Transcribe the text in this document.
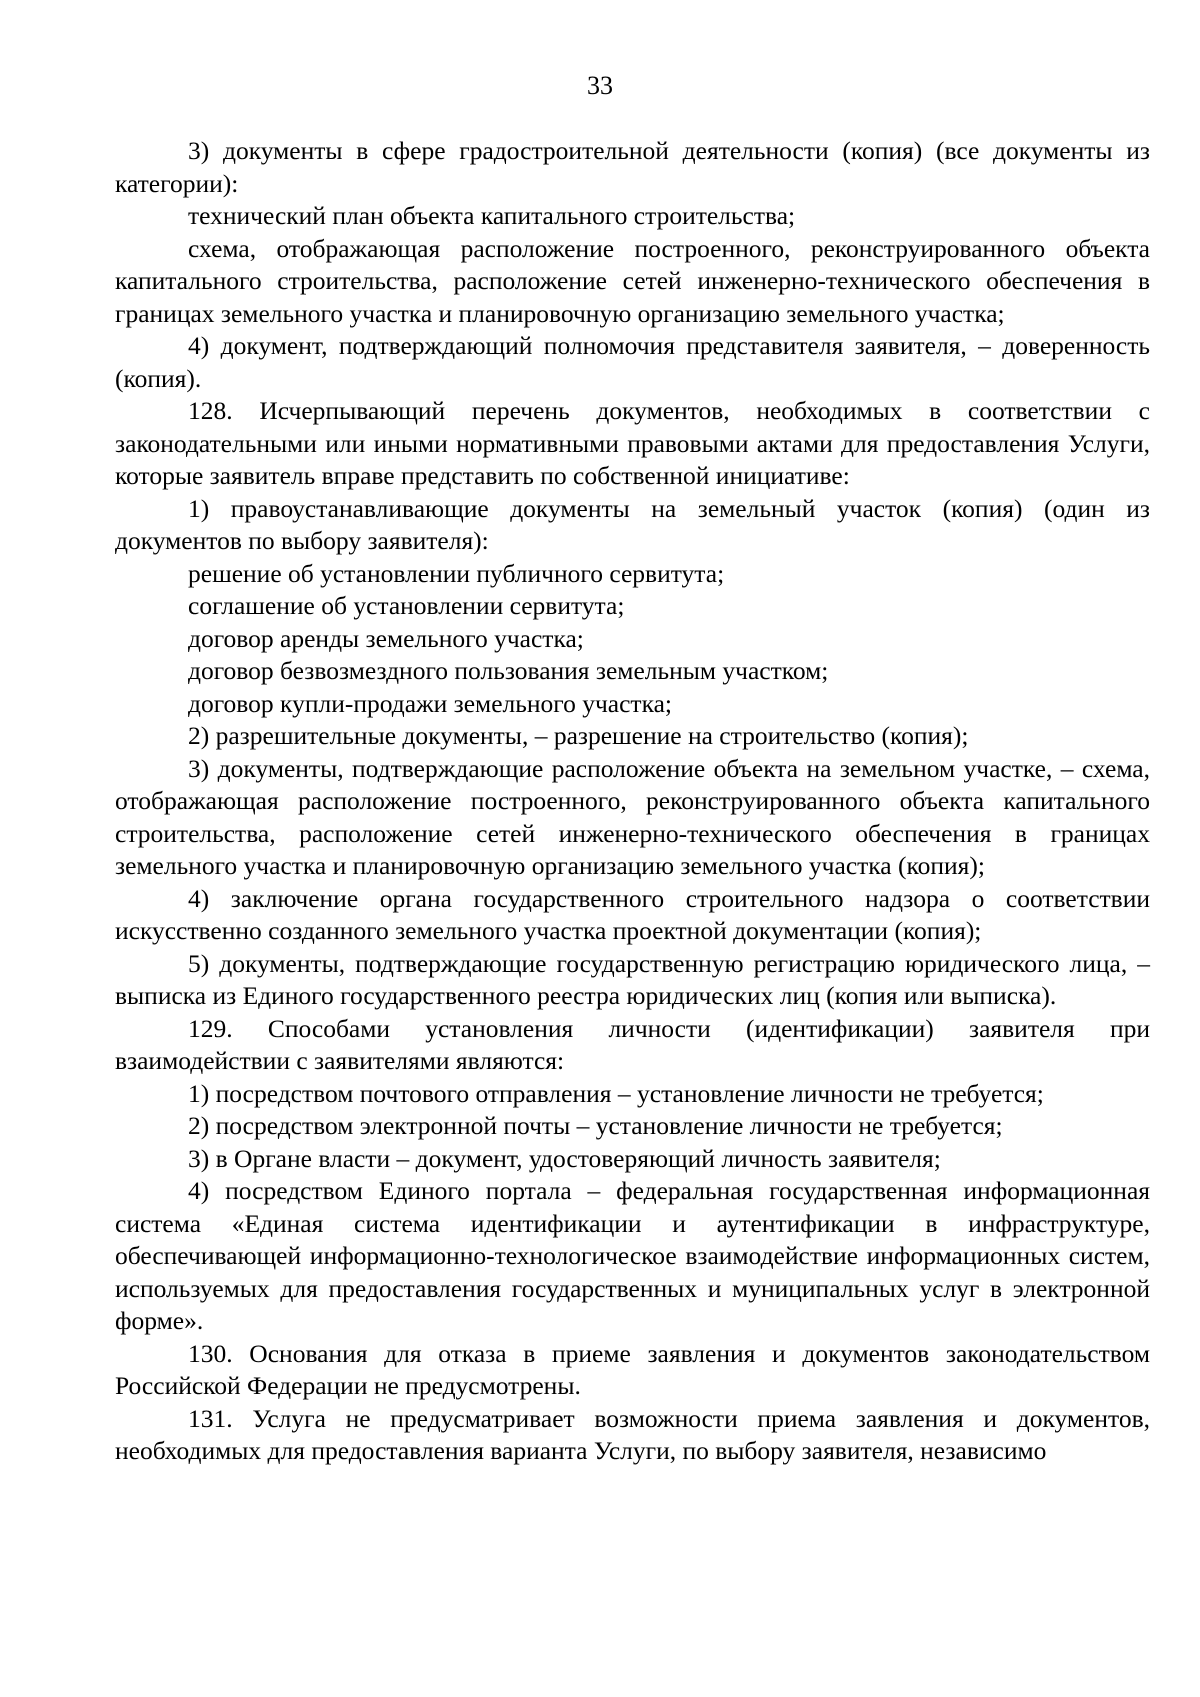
33

3) документы в сфере градостроительной деятельности (копия) (все документы из категории):

технический план объекта капитального строительства;

схема, отображающая расположение построенного, реконструированного объекта капитального строительства, расположение сетей инженерно-технического обеспечения в границах земельного участка и планировочную организацию земельного участка;

4) документ, подтверждающий полномочия представителя заявителя, – доверенность (копия).

128. Исчерпывающий перечень документов, необходимых в соответствии с законодательными или иными нормативными правовыми актами для предоставления Услуги, которые заявитель вправе представить по собственной инициативе:

1) правоустанавливающие документы на земельный участок (копия) (один из документов по выбору заявителя):

решение об установлении публичного сервитута;

соглашение об установлении сервитута;

договор аренды земельного участка;

договор безвозмездного пользования земельным участком;

договор купли-продажи земельного участка;

2) разрешительные документы, – разрешение на строительство (копия);

3) документы, подтверждающие расположение объекта на земельном участке, – схема, отображающая расположение построенного, реконструированного объекта капитального строительства, расположение сетей инженерно-технического обеспечения в границах земельного участка и планировочную организацию земельного участка (копия);

4) заключение органа государственного строительного надзора о соответствии искусственно созданного земельного участка проектной документации (копия);

5) документы, подтверждающие государственную регистрацию юридического лица, – выписка из Единого государственного реестра юридических лиц (копия или выписка).

129. Способами установления личности (идентификации) заявителя при взаимодействии с заявителями являются:

1) посредством почтового отправления – установление личности не требуется;

2) посредством электронной почты – установление личности не требуется;

3) в Органе власти – документ, удостоверяющий личность заявителя;

4) посредством Единого портала – федеральная государственная информационная система «Единая система идентификации и аутентификации в инфраструктуре, обеспечивающей информационно-технологическое взаимодействие информационных систем, используемых для предоставления государственных и муниципальных услуг в электронной форме».

130. Основания для отказа в приеме заявления и документов законодательством Российской Федерации не предусмотрены.

131. Услуга не предусматривает возможности приема заявления и документов, необходимых для предоставления варианта Услуги, по выбору заявителя, независимо
